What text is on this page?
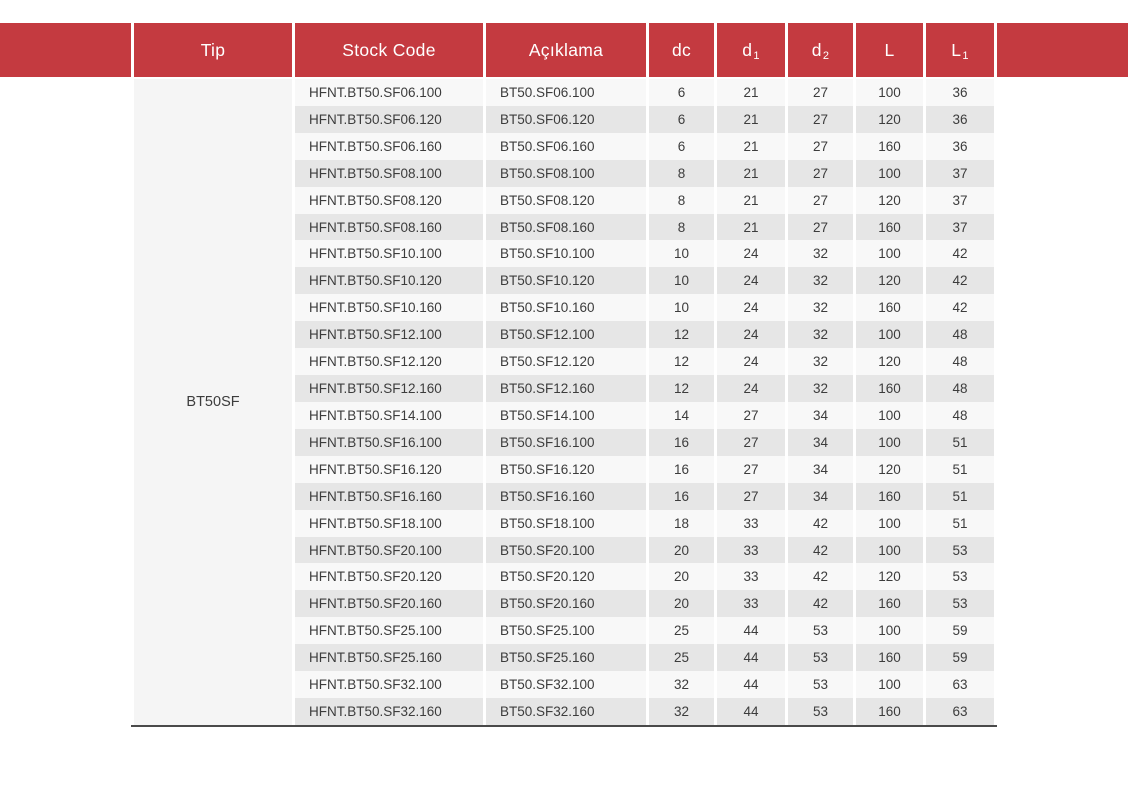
Tip	Stock Code	Açıklama	dc	d 1	d 2	L	L 1
BT50SF
HFNT.BT50.SF06.100	BT50.SF06.100	6	21	27	100	36
HFNT.BT50.SF06.120	BT50.SF06.120	6	21	27	120	36
HFNT.BT50.SF06.160	BT50.SF06.160	6	21	27	160	36
HFNT.BT50.SF08.100	BT50.SF08.100	8	21	27	100	37
HFNT.BT50.SF08.120	BT50.SF08.120	8	21	27	120	37
HFNT.BT50.SF08.160	BT50.SF08.160	8	21	27	160	37
HFNT.BT50.SF10.100	BT50.SF10.100	10	24	32	100	42
HFNT.BT50.SF10.120	BT50.SF10.120	10	24	32	120	42
HFNT.BT50.SF10.160	BT50.SF10.160	10	24	32	160	42
HFNT.BT50.SF12.100	BT50.SF12.100	12	24	32	100	48
HFNT.BT50.SF12.120	BT50.SF12.120	12	24	32	120	48
HFNT.BT50.SF12.160	BT50.SF12.160	12	24	32	160	48
HFNT.BT50.SF14.100	BT50.SF14.100	14	27	34	100	48
HFNT.BT50.SF16.100	BT50.SF16.100	16	27	34	100	51
HFNT.BT50.SF16.120	BT50.SF16.120	16	27	34	120	51
HFNT.BT50.SF16.160	BT50.SF16.160	16	27	34	160	51
HFNT.BT50.SF18.100	BT50.SF18.100	18	33	42	100	51
HFNT.BT50.SF20.100	BT50.SF20.100	20	33	42	100	53
HFNT.BT50.SF20.120	BT50.SF20.120	20	33	42	120	53
HFNT.BT50.SF20.160	BT50.SF20.160	20	33	42	160	53
HFNT.BT50.SF25.100	BT50.SF25.100	25	44	53	100	59
HFNT.BT50.SF25.160	BT50.SF25.160	25	44	53	160	59
HFNT.BT50.SF32.100	BT50.SF32.100	32	44	53	100	63
HFNT.BT50.SF32.160	BT50.SF32.160	32	44	53	160	63
